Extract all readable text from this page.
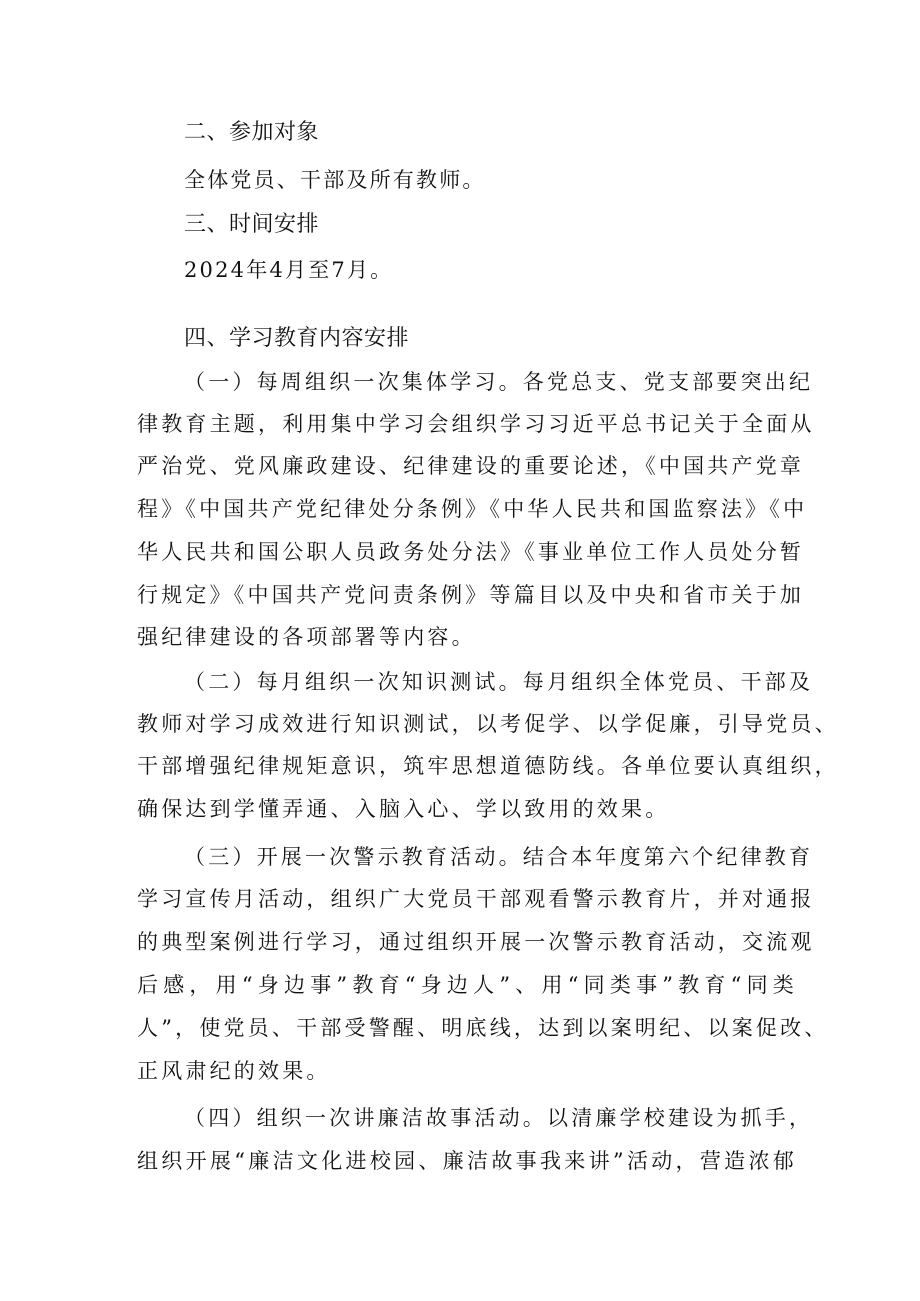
二、参加对象
全体党员、干部及所有教师。
三、时间安排
2024年4月至7月。
四、学习教育内容安排
（一）每周组织一次集体学习。各党总支、党支部要突出纪
律教育主题，利用集中学习会组织学习习近平总书记关于全面从
严治党、党风廉政建设、纪律建设的重要论述，《中国共产党章
程》《中国共产党纪律处分条例》《中华人民共和国监察法》《中
华人民共和国公职人员政务处分法》《事业单位工作人员处分暂
行规定》《中国共产党问责条例》等篇目以及中央和省市关于加
强纪律建设的各项部署等内容。
（二）每月组织一次知识测试。每月组织全体党员、干部及
教师对学习成效进行知识测试，以考促学、以学促廉，引导党员、
干部增强纪律规矩意识，筑牢思想道德防线。各单位要认真组织，
确保达到学懂弄通、入脑入心、学以致用的效果。
（三）开展一次警示教育活动。结合本年度第六个纪律教育
学习宣传月活动，组织广大党员干部观看警示教育片，并对通报
的典型案例进行学习，通过组织开展一次警示教育活动，交流观
后感，用“身边事”教育“身边人”、用“同类事”教育“同类
人”，使党员、干部受警醒、明底线，达到以案明纪、以案促改、
正风肃纪的效果。
（四）组织一次讲廉洁故事活动。以清廉学校建设为抓手，
组织开展“廉洁文化进校园、廉洁故事我来讲”活动，营造浓郁
